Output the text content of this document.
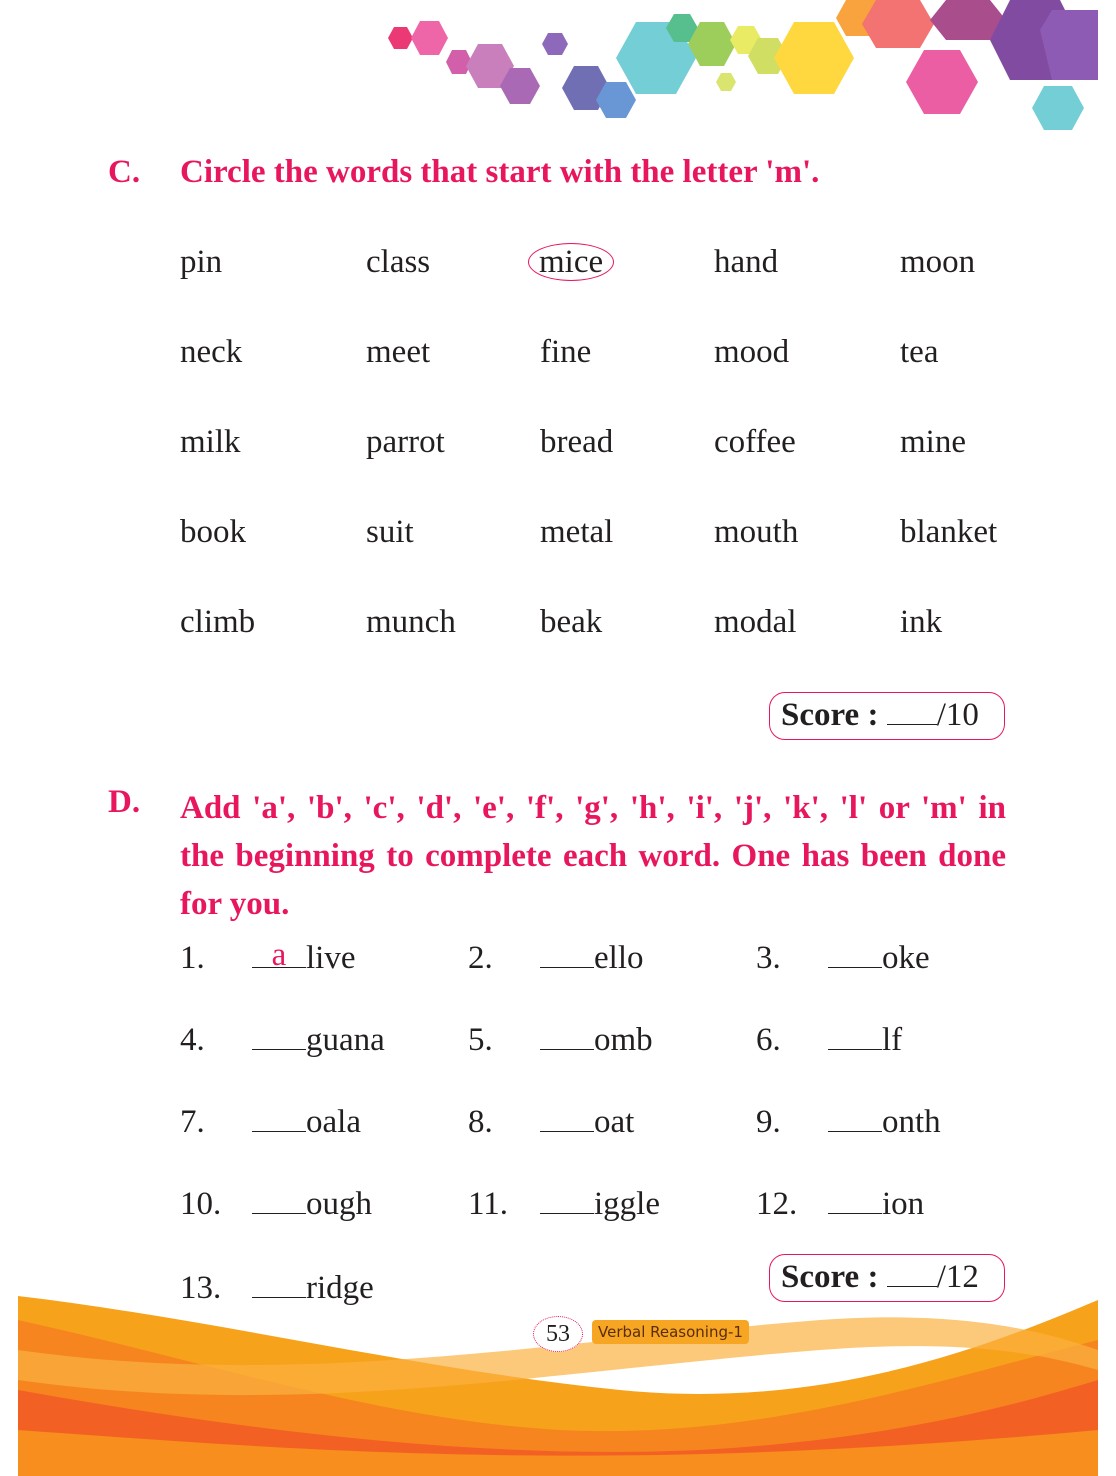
C. Circle the words that start with the letter 'm'.
pin	class	mice	hand	moon
neck	meet	fine	mood	tea
milk	parrot	bread	coffee	mine
book	suit	metal	mouth	blanket
climb	munch	beak	modal	ink
Score : /10
D. Add 'a', 'b', 'c', 'd', 'e', 'f', 'g', 'h', 'i', 'j', 'k', 'l' or 'm' in the beginning to complete each word. One has been done for you.
1.	a live	2.	ello	3.	oke
4.	guana	5.	omb	6.	lf
7.	oala	8.	oat	9.	onth
10.	ough	11.	iggle	12.	ion
13.	ridge	Score : /12
53	Verbal Reasoning-1
